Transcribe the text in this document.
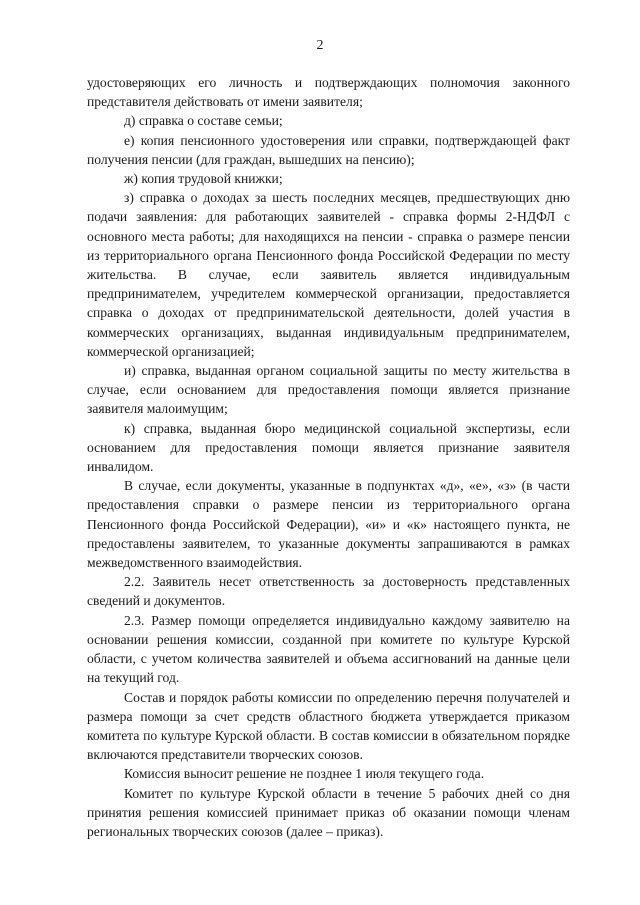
2

удостоверяющих его личность и подтверждающих полномочия законного представителя действовать от имени заявителя;

д) справка о составе семьи;

е) копия пенсионного удостоверения или справки, подтверждающей факт получения пенсии (для граждан, вышедших на пенсию);

ж) копия трудовой книжки;

з) справка о доходах за шесть последних месяцев, предшествующих дню подачи заявления: для работающих заявителей - справка формы 2-НДФЛ с основного места работы; для находящихся на пенсии - справка о размере пенсии из территориального органа Пенсионного фонда Российской Федерации по месту жительства. В случае, если заявитель является индивидуальным предпринимателем, учредителем коммерческой организации, предоставляется справка о доходах от предпринимательской деятельности, долей участия в коммерческих организациях, выданная индивидуальным предпринимателем, коммерческой организацией;

и) справка, выданная органом социальной защиты по месту жительства в случае, если основанием для предоставления помощи является признание заявителя малоимущим;

к) справка, выданная бюро медицинской социальной экспертизы, если основанием для предоставления помощи является признание заявителя инвалидом.

В случае, если документы, указанные в подпунктах «д», «е», «з» (в части предоставления справки о размере пенсии из территориального органа Пенсионного фонда Российской Федерации), «и» и «к» настоящего пункта, не предоставлены заявителем, то указанные документы запрашиваются в рамках межведомственного взаимодействия.

2.2. Заявитель несет ответственность за достоверность представленных сведений и документов.

2.3. Размер помощи определяется индивидуально каждому заявителю на основании решения комиссии, созданной при комитете по культуре Курской области, с учетом количества заявителей и объема ассигнований на данные цели на текущий год.

Состав и порядок работы комиссии по определению перечня получателей и размера помощи за счет средств областного бюджета утверждается приказом комитета по культуре Курской области. В состав комиссии в обязательном порядке включаются представители творческих союзов.

Комиссия выносит решение не позднее 1 июля текущего года.

Комитет по культуре Курской области в течение 5 рабочих дней со дня принятия решения комиссией принимает приказ об оказании помощи членам региональных творческих союзов (далее – приказ).
